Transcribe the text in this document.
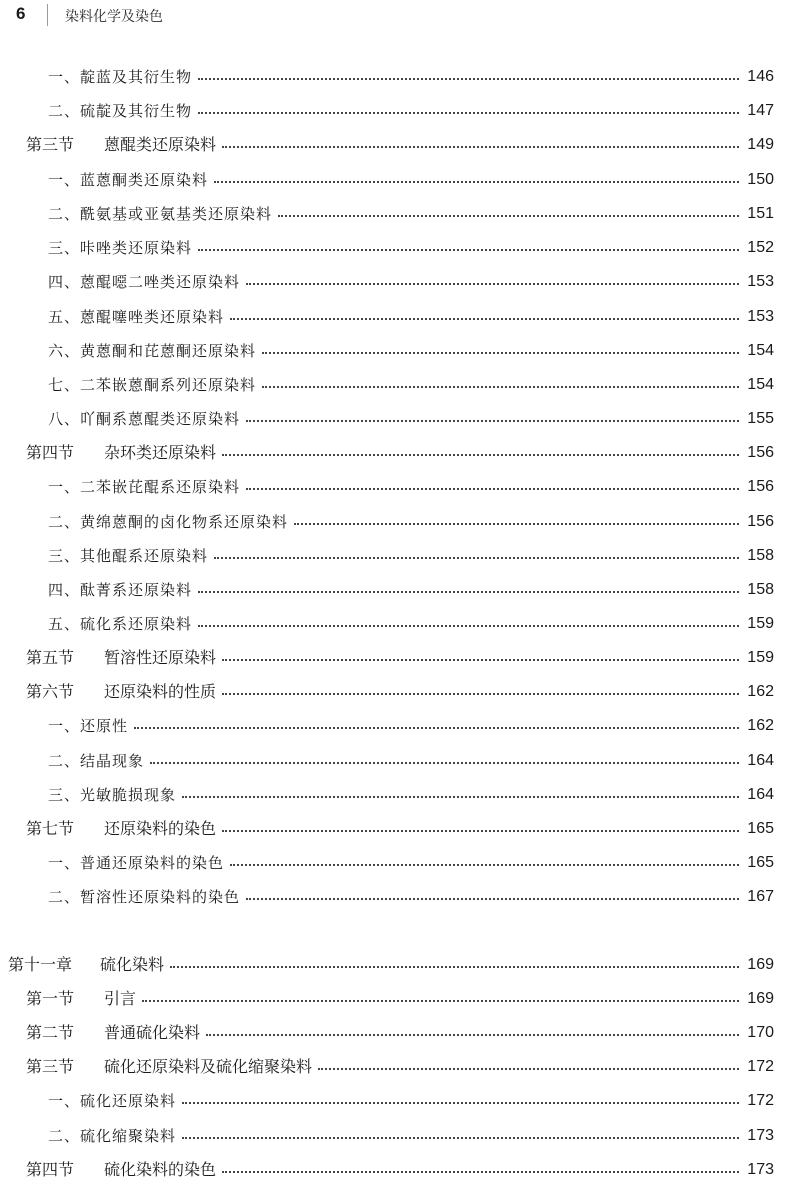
6	染料化学及染色
一、靛蓝及其衍生物	146
二、硫靛及其衍生物	147
第三节 蒽醌类还原染料	149
一、蓝蒽酮类还原染料	150
二、酰氨基或亚氨基类还原染料	151
三、咔唑类还原染料	152
四、蒽醌噁二唑类还原染料	153
五、蒽醌噻唑类还原染料	153
六、黄蒽酮和芘蒽酮还原染料	154
七、二苯嵌蒽酮系列还原染料	154
八、吖酮系蒽醌类还原染料	155
第四节 杂环类还原染料	156
一、二苯嵌芘醌系还原染料	156
二、黄绵蒽酮的卤化物系还原染料	156
三、其他醌系还原染料	158
四、酞菁系还原染料	158
五、硫化系还原染料	159
第五节 暂溶性还原染料	159
第六节 还原染料的性质	162
一、还原性	162
二、结晶现象	164
三、光敏脆损现象	164
第七节 还原染料的染色	165
一、普通还原染料的染色	165
二、暂溶性还原染料的染色	167
第十一章 硫化染料	169
第一节 引言	169
第二节 普通硫化染料	170
第三节 硫化还原染料及硫化缩聚染料	172
一、硫化还原染料	172
二、硫化缩聚染料	173
第四节 硫化染料的染色	173
